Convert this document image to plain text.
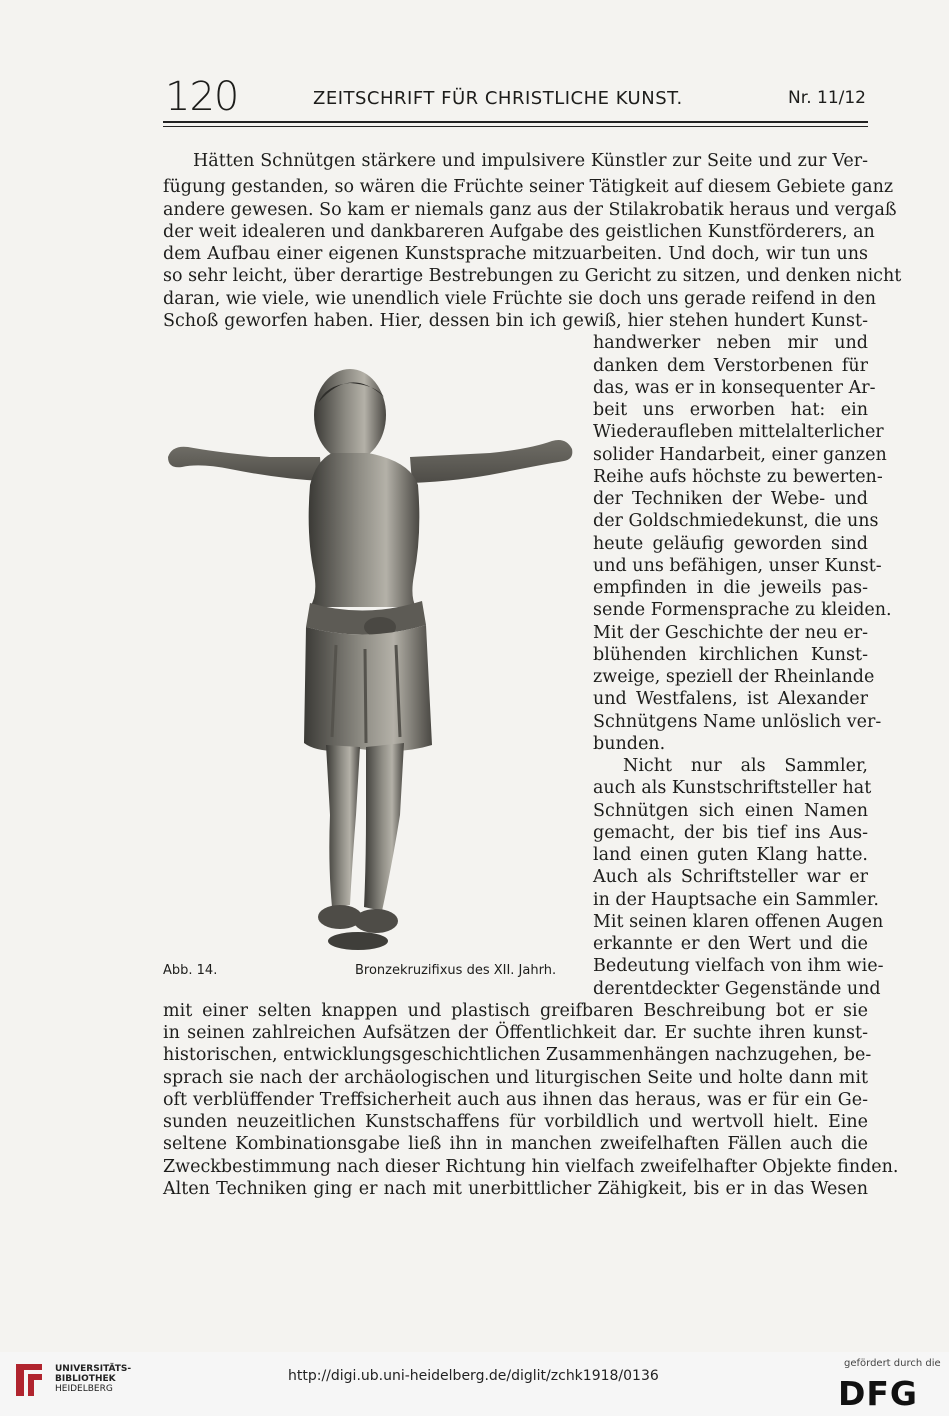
120	ZEITSCHRIFT FÜR CHRISTLICHE KUNST.	Nr. 11/12
Hätten Schnütgen stärkere und impulsivere Künstler zur Seite und zur Ver-
fügung gestanden, so wären die Früchte seiner Tätigkeit auf diesem Gebiete ganz
andere gewesen. So kam er niemals ganz aus der Stilakrobatik heraus und vergaß
der weit idealeren und dankbareren Aufgabe des geistlichen Kunstförderers, an
dem Aufbau einer eigenen Kunstsprache mitzuarbeiten. Und doch, wir tun uns
so sehr leicht, über derartige Bestrebungen zu Gericht zu sitzen, und denken nicht
daran, wie viele, wie unendlich viele Früchte sie doch uns gerade reifend in den
Schoß geworfen haben. Hier, dessen bin ich gewiß, hier stehen hundert Kunst-
handwerker neben mir und
danken dem Verstorbenen für
das, was er in konsequenter Ar-
beit uns erworben hat: ein
Wiederaufleben mittelalterlicher
solider Handarbeit, einer ganzen
Reihe aufs höchste zu bewerten-
der Techniken der Webe- und
der Goldschmiedekunst, die uns
heute geläufig geworden sind
und uns befähigen, unser Kunst-
empfinden in die jeweils pas-
sende Formensprache zu kleiden.
Mit der Geschichte der neu er-
blühenden kirchlichen Kunst-
zweige, speziell der Rheinlande
und Westfalens, ist Alexander
Schnütgens Name unlöslich ver-
bunden.
Nicht nur als Sammler,
auch als Kunstschriftsteller hat
Schnütgen sich einen Namen
gemacht, der bis tief ins Aus-
land einen guten Klang hatte.
Auch als Schriftsteller war er
in der Hauptsache ein Sammler.
Mit seinen klaren offenen Augen
erkannte er den Wert und die
Bedeutung vielfach von ihm wie-
derentdeckter Gegenstände und
mit einer selten knappen und plastisch greifbaren Beschreibung bot er sie
in seinen zahlreichen Aufsätzen der Öffentlichkeit dar. Er suchte ihren kunst-
historischen, entwicklungsgeschichtlichen Zusammenhängen nachzugehen, be-
sprach sie nach der archäologischen und liturgischen Seite und holte dann mit
oft verblüffender Treffsicherheit auch aus ihnen das heraus, was er für ein Ge-
sunden neuzeitlichen Kunstschaffens für vorbildlich und wertvoll hielt. Eine
seltene Kombinationsgabe ließ ihn in manchen zweifelhaften Fällen auch die
Zweckbestimmung nach dieser Richtung hin vielfach zweifelhafter Objekte finden.
Alten Techniken ging er nach mit unerbittlicher Zähigkeit, bis er in das Wesen
Abb. 14.	Bronzekruzifixus des XII. Jahrh.
UNIVERSITÄTS-
BIBLIOTHEK
HEIDELBERG
http://digi.ub.uni-heidelberg.de/diglit/zchk1918/0136
gefördert durch die
DFG
